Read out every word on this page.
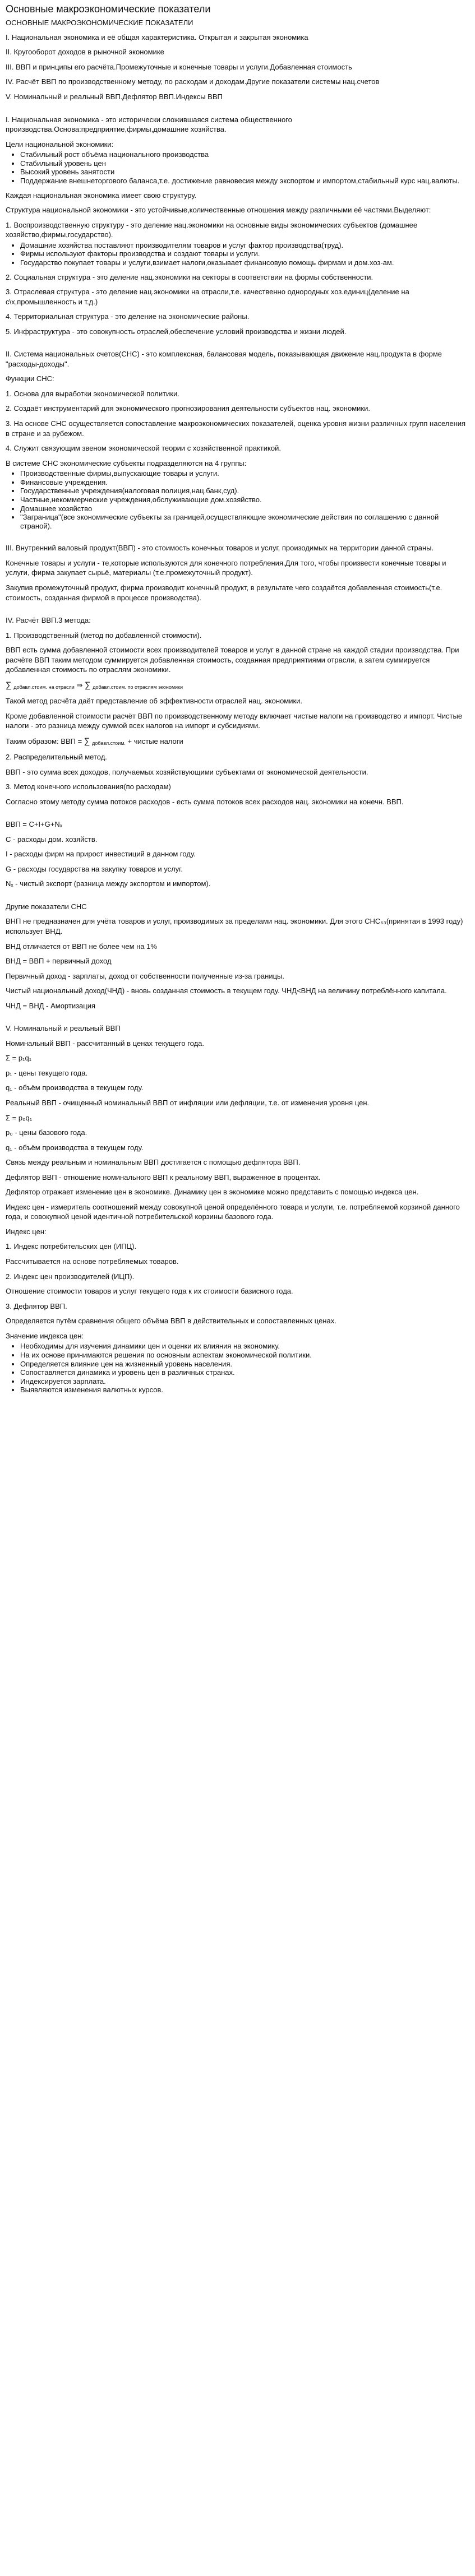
Основные макроэкономические показатели
ОСНОВНЫЕ МАКРОЭКОНОМИЧЕСКИЕ ПОКАЗАТЕЛИ

I. Национальная экономика и её общая характеристика. Открытая и закрытая экономика

II. Кругооборот доходов в рыночной экономике

III. ВВП и принципы его расчёта.Промежуточные и конечные товары и услуги.Добавленная стоимость

IV. Расчёт ВВП по производственному методу, по расходам и доходам.Другие показатели системы нац.счетов

V. Номинальный и реальный ВВП.Дефлятор ВВП.Индексы ВВП

I. Национальная экономика - это исторически сложившаяся система общественного производства.Основа:предприятие,фирмы,домашние хозяйства.

Цели национальной экономики:

• Стабильный рост объёма национального производства
• Стабильный уровень цен
• Высокий уровень занятости
• Поддержание внешнеторгового баланса,т.е. достижение равновесия между экспортом и импортом,стабильный курс нац.валюты.

Каждая национальная экономика имеет свою структуру.

Структура национальной экономики - это устойчивые,количественные отношения между различными её частями.Выделяют:

1. Воспроизводственную структуру - это деление нац.экономики на основные виды экономических субъектов (домашнее хозяйство,фирмы,государство).

• Домашние хозяйства поставляют производителям товаров и услуг фактор производства(труд).
• Фирмы используют факторы производства и создают товары и услуги.
• Государство покупает товары и услуги,взимает налоги,оказывает финансовую помощь фирмам и дом.хоз-ам.

2. Социальная структура - это деление нац.экономики на секторы в соответствии на формы собственности.

3. Отраслевая структура - это деление нац.экономики на отрасли,т.е. качественно однородных хоз.единиц(деление на с\х,промышленность и т.д.)

4. Территориальная структура - это деление на экономические районы.

5. Инфраструктура - это совокупность отраслей,обеспечение условий производства и жизни людей.

II. Система национальных счетов(СНС) - это комплексная, балансовая модель, показывающая движение нац.продукта в форме "расходы-доходы".

Функции СНС:

1. Основа для выработки экономической политики.

2. Создаёт инструментарий для экономического прогнозирования деятельности субъектов нац. экономики.

3. На основе СНС осуществляется сопоставление макроэкономических показателей, оценка уровня жизни различных групп населения в стране и за рубежом.

4. Служит связующим звеном экономической теории с хозяйственной практикой.

В системе СНС экономические субъекты подразделяются на 4 группы:

• Производственные фирмы,выпускающие товары и услуги.
• Финансовые учреждения.
• Государственные учреждения(налоговая полиция,нац.банк,суд).
• Частные,некоммерческие учреждения,обслуживающие дом.хозяйство.
• Домашнее хозяйство
• "Заграница"(все экономические субъекты за границей,осуществляющие экономические действия по соглашению с данной страной).

III. Внутренний валовый продукт(ВВП) - это стоимость конечных товаров и услуг, произодимых на территории данной страны.

Конечные товары и услуги - те,которые используются для конечного потребления.Для того, чтобы произвести конечные товары и услуги, фирма закупает сырьё, материалы (т.е.промежуточный продукт).

Закупив промежуточный продукт, фирма производит конечный продукт, в результате чего создаётся добавленная стоимость(т.е. стоимость, созданная фирмой в процессе производства).

IV. Расчёт ВВП.3 метода:

1. Производственный (метод по добавленной стоимости).

ВВП есть сумма добавленной стоимости всех производителей товаров и услуг в данной стране на каждой стадии производства. При расчёте ВВП таким методом суммируется добавленная стоимость, созданная предприятиями отрасли, а затем суммируется добавленная стоимость по отраслям экономики.

∑ добавл.стоим. на отрасли ⇒ ∑ добавл.стоим. по отраслям экономики

Такой метод расчёта даёт представление об эффективности отраслей нац. экономики.

Кроме добавленной стоимости расчёт ВВП по производственному методу включает чистые налоги на производство и импорт. Чистые налоги - это разница между суммой всех налогов на импорт и субсидиями.

Таким образом: ВВП = ∑ добавл.стоим. + чистые налоги

2. Распределительный метод.

ВВП - это сумма всех доходов, получаемых хозяйствующими субъектами от экономической деятельности.

3. Метод конечного использования(по расходам)

Согласно этому методу сумма потоков расходов - есть сумма потоков всех расходов нац. экономики на конечн. ВВП.

ВВП = C+I+G+Nₓ

C - расходы дом. хозяйств.

I - расходы фирм на прирост инвестиций в данном году.

G - расходы государства на закупку товаров и услуг.

Nₓ - чистый экспорт (разница между экспортом и импортом).

Другие показатели СНС

ВНП не предназначен для учёта товаров и услуг, производимых за пределами нац. экономики. Для этого СНС₆₃(принятая в 1993 году) использует ВНД.

ВНД отличается от ВВП не более чем на 1%

ВНД = ВВП + первичный доход

Первичный доход - зарплаты, доход от собственности полученные из-за границы.

Чистый национальный доход(ЧНД) - вновь созданная стоимость в текущем году. ЧНД<ВНД на величину потреблённого капитала.

ЧНД = ВНД - Амортизация

V. Номинальный и реальный ВВП

Номинальный ВВП - рассчитанный в ценах текущего года.

Σ = p₁q₁

p₁ - цены текущего года.

q₁ - объём производства в текущем году.

Реальный ВВП - очищенный номинальный ВВП от инфляции или дефляции, т.е. от изменения уровня цен.

Σ = p₀q₁

p₀ - цены базового года.

q₁ - объём производства в текущем году.

Связь между реальным и номинальным ВВП достигается с помощью дефлятора ВВП.

Дефлятор ВВП - отношение номинального ВВП к реальному ВВП, выраженное в процентах.

Дефлятор отражает изменение цен в экономике. Динамику цен в экономике можно представить с помощью индекса цен.

Индекс цен - измеритель соотношений между совокупной ценой определённого товара и услуги, т.е. потребляемой корзиной данного года, и совокупной ценой идентичной потребительской корзины базового года.

Индекс цен:

1. Индекс потребительских цен (ИПЦ).

Рассчитывается на основе потребляемых товаров.

2. Индекс цен производителей (ИЦП).

Отношение стоимости товаров и услуг текущего года к их стоимости базисного года.

3. Дефлятор ВВП.

Определяется путём сравнения общего объёма ВВП в действительных и сопоставленных ценах.

Значение индекса цен:

• Необходимы для изучения динамики цен и оценки их влияния на экономику.
• На их основе принимаются решения по основным аспектам экономической политики.
• Определяется влияние цен на жизненный уровень населения.
• Сопоставляется динамика и уровень цен в различных странах.
• Индексируется зарплата.
• Выявляются изменения валютных курсов.
